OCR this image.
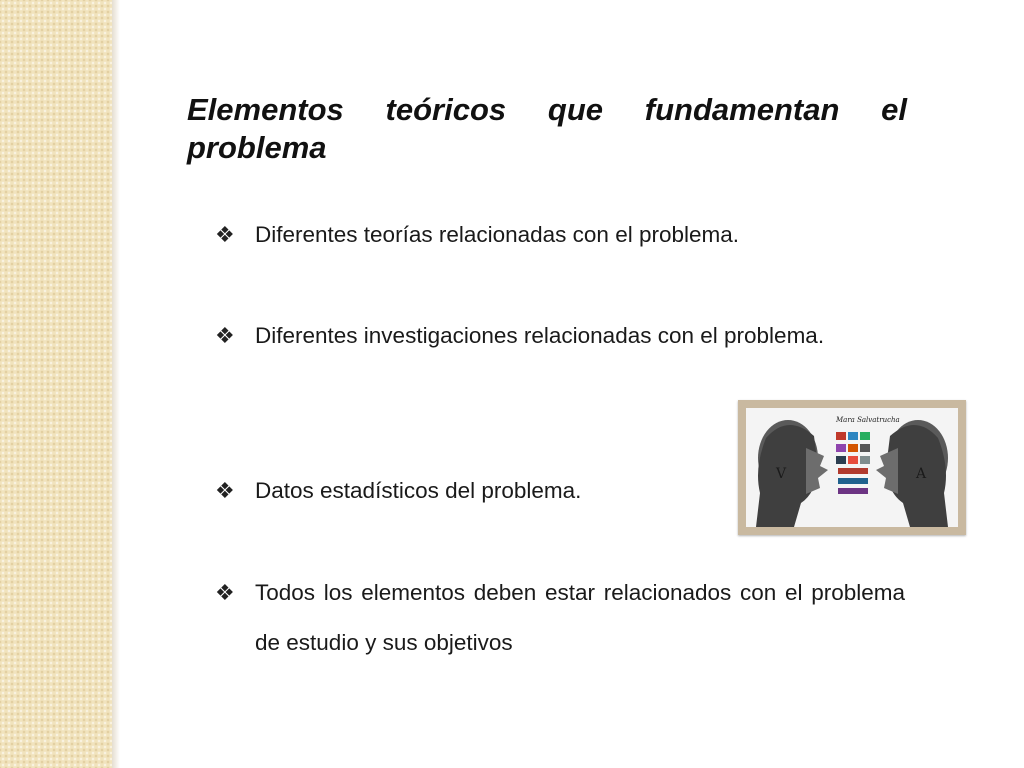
Elementos teóricos que fundamentan el problema
❖ Diferentes teorías relacionadas con el problema.
❖ Diferentes investigaciones relacionadas con el problema.
❖ Datos estadísticos del problema.
❖ Todos los elementos deben estar relacionados con el problema de estudio y sus objetivos
V	A
Mara Salvatrucha
